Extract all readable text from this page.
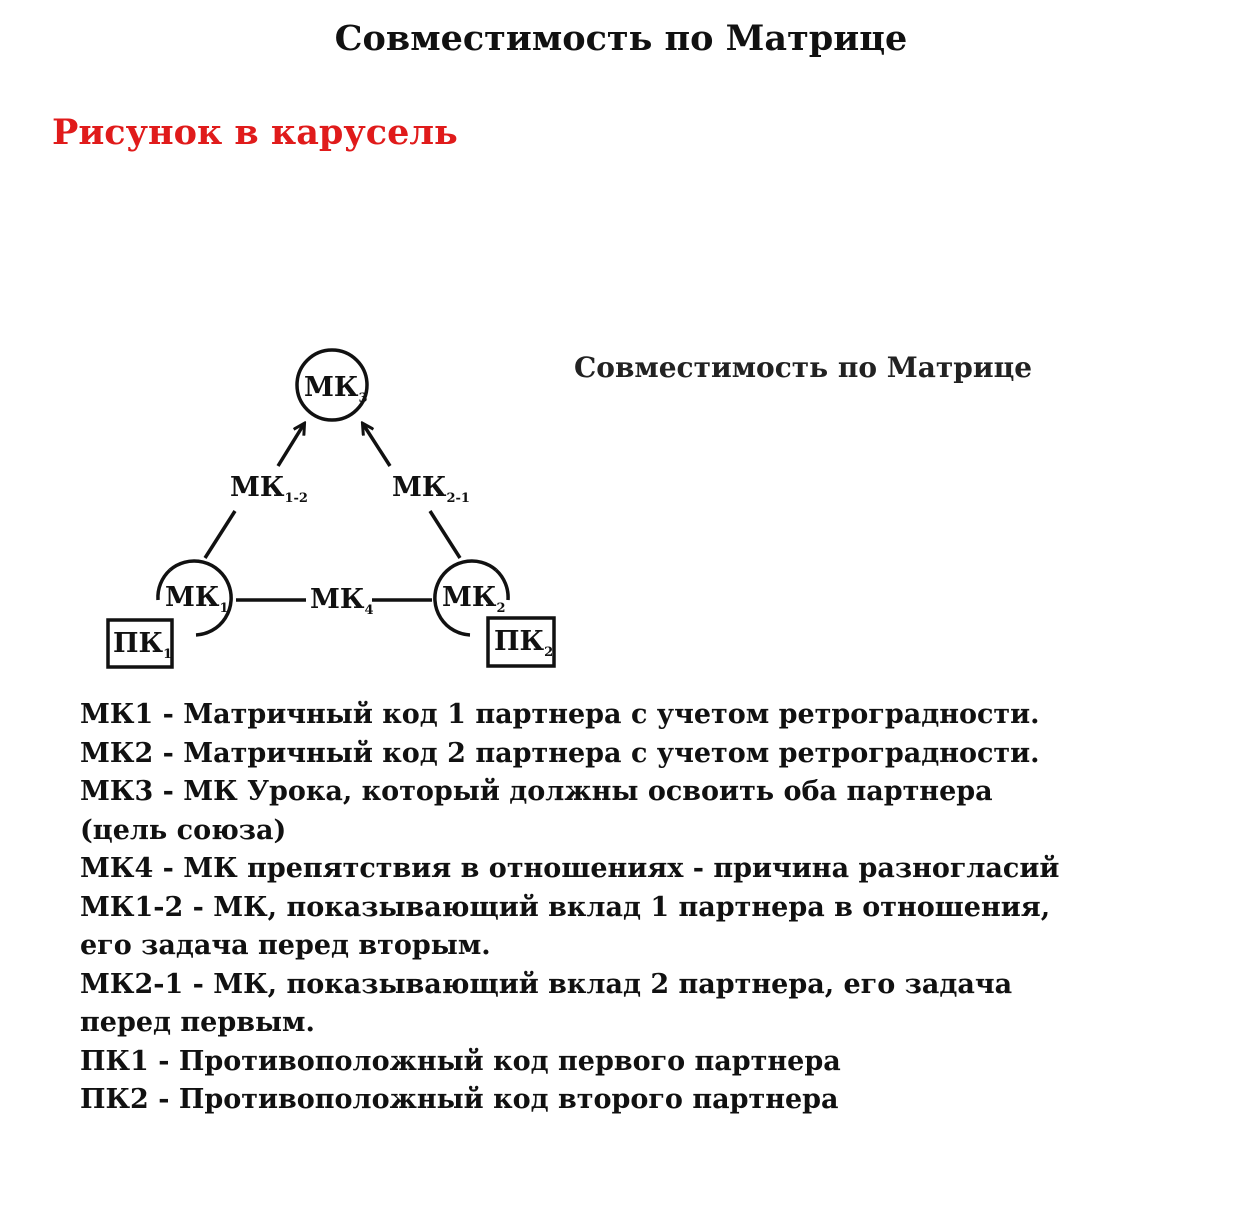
Совместимость по Матрице
Рисунок в карусель
Совместимость по Матрице
$МК_3$
$МК_1$	$МК_2$
$ПК_1$	$ПК_2$
$МК_{1-2}$	$МК_{2-1}$
$МК_4$
МК1 - Матричный код 1 партнера с учетом ретроградности.
МК2 - Матричный код 2 партнера с учетом ретроградности.
МК3 - МК Урока, который должны освоить оба партнера
(цель союза)
МК4 - МК препятствия в отношениях - причина разногласий
МК1-2 - МК, показывающий вклад 1 партнера в отношения,
его задача перед вторым.
МК2-1 - МК, показывающий вклад 2 партнера, его задача
перед первым.
ПК1 - Противоположный код первого партнера
ПК2 - Противоположный код второго партнера
